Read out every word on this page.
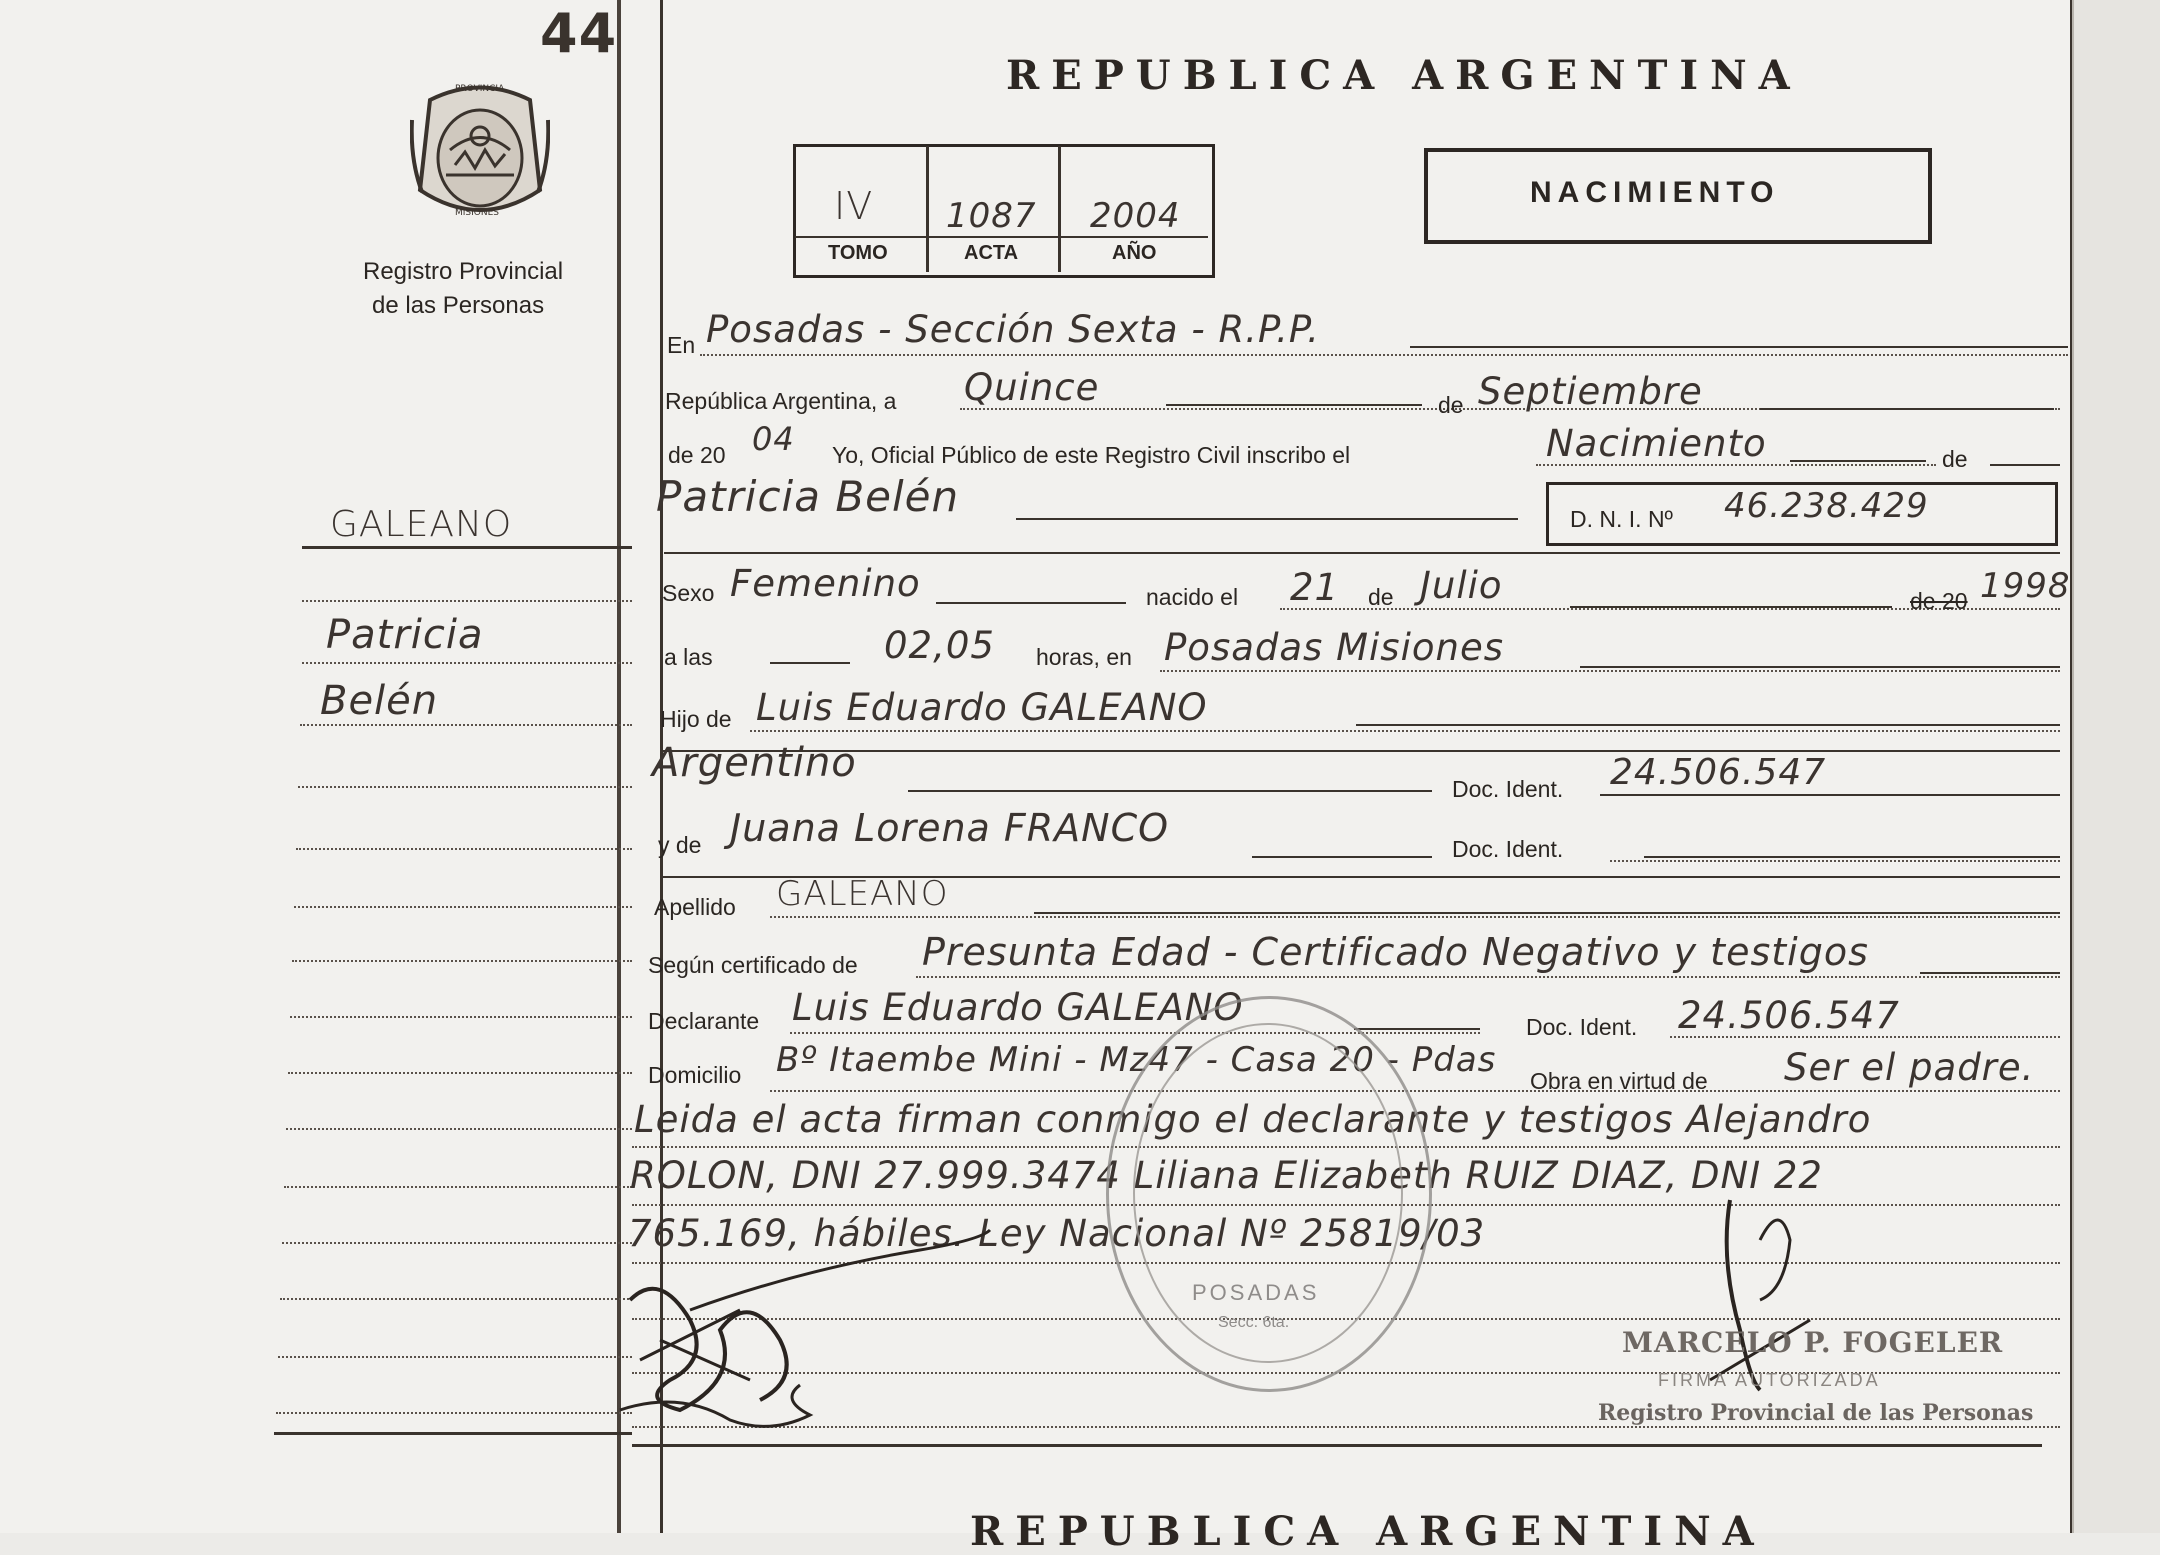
44
PROVINCIA
MISIONES
Registro Provincial
de las Personas
REPUBLICA ARGENTINA
IV 1087 2004
TOMO	ACTA	AÑO
NACIMIENTO
GALEANO
Patricia
Belén
En Posadas - Sección Sexta - R.P.P.
República Argentina, a Quince	de Septiembre
de 20 04 Yo, Oficial Público de este Registro Civil inscribo el	Nacimiento	de
Patricia Belén	D. N. I. Nº 46.238.429
Sexo Femenino	nacido el 21 de Julio	de 20 1998
a las	02,05 horas, en Posadas Misiones
Hijo de Luis Eduardo GALEANO
Argentino
Doc. Ident. 24.506.547
y de Juana Lorena FRANCO	Doc. Ident.
Apellido GALEANO
Según certificado de Presunta Edad - Certificado Negativo y testigos
Declarante Luis Eduardo GALEANO	Doc. Ident. 24.506.547
Domicilio Bº Itaembe Mini - Mz47 - Casa 20 - Pdas
Obra en virtud de Ser el padre.
Leida el acta firman conmigo el declarante y testigos Alejandro
ROLON, DNI 27.999.3474 Liliana Elizabeth RUIZ DIAZ, DNI 22
765.169, hábiles. Ley Nacional Nº 25819/03
POSADAS
Secc. 6ta.
MARCELO P. FOGELER
FIRMA AUTORIZADA
Registro Provincial de las Personas
REPUBLICA ARGENTINA
